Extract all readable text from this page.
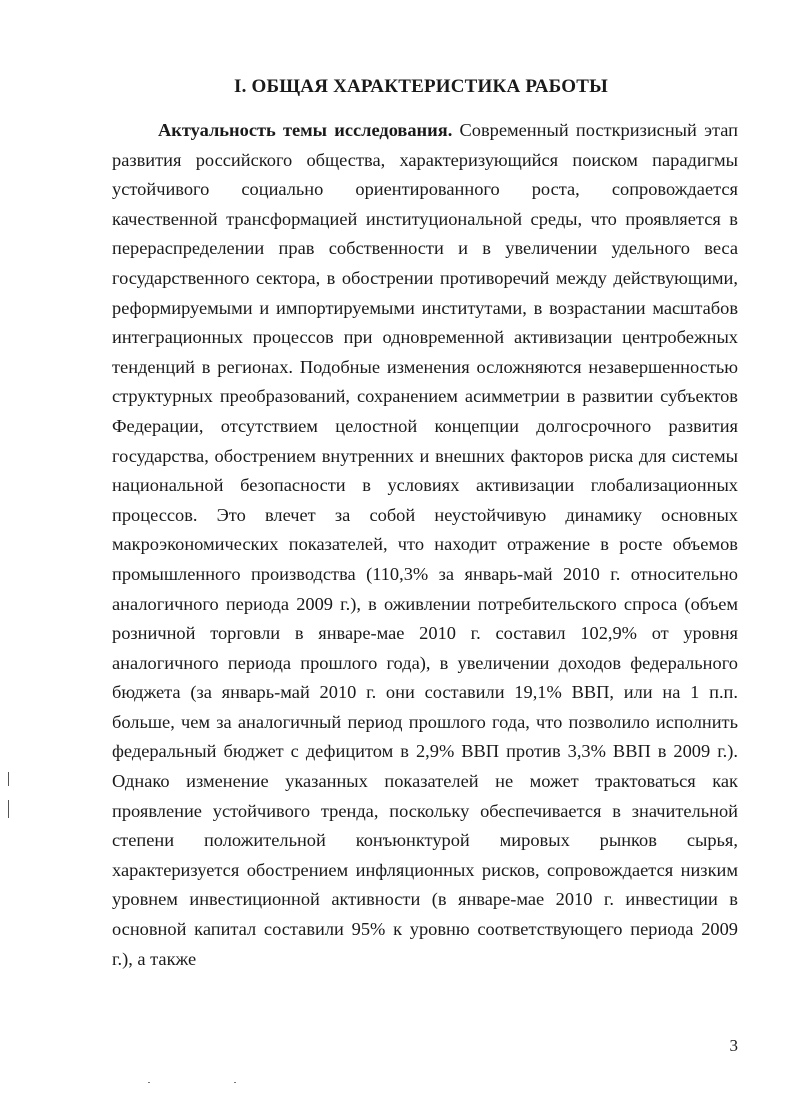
I. ОБЩАЯ ХАРАКТЕРИСТИКА РАБОТЫ

Актуальность темы исследования. Современный посткризисный этап развития российского общества, характеризующийся поиском парадигмы устойчивого социально ориентированного роста, сопровождается качественной трансформацией институциональной среды, что проявляется в перераспределении прав собственности и в увеличении удельного веса государственного сектора, в обострении противоречий между действующими, реформируемыми и импортируемыми институтами, в возрастании масштабов интеграционных процессов при одновременной активизации центробежных тенденций в регионах. Подобные изменения осложняются незавершенностью структурных преобразований, сохранением асимметрии в развитии субъектов Федерации, отсутствием целостной концепции долгосрочного развития государства, обострением внутренних и внешних факторов риска для системы национальной безопасности в условиях активизации глобализационных процессов. Это влечет за собой неустойчивую динамику основных макроэкономических показателей, что находит отражение в росте объемов промышленного производства (110,3% за январь-май 2010 г. относительно аналогичного периода 2009 г.), в оживлении потребительского спроса (объем розничной торговли в январе-мае 2010 г. составил 102,9% от уровня аналогичного периода прошлого года), в увеличении доходов федерального бюджета (за январь-май 2010 г. они составили 19,1% ВВП, или на 1 п.п. больше, чем за аналогичный период прошлого года, что позволило исполнить федеральный бюджет с дефицитом в 2,9% ВВП против 3,3% ВВП в 2009 г.). Однако изменение указанных показателей не может трактоваться как проявление устойчивого тренда, поскольку обеспечивается в значительной степени положительной конъюнктурой мировых рынков сырья, характеризуется обострением инфляционных рисков, сопровождается низким уровнем инвестиционной активности (в январе-мае 2010 г. инвестиции в основной капитал составили 95% к уровню соответствующего периода 2009 г.), а также

3
